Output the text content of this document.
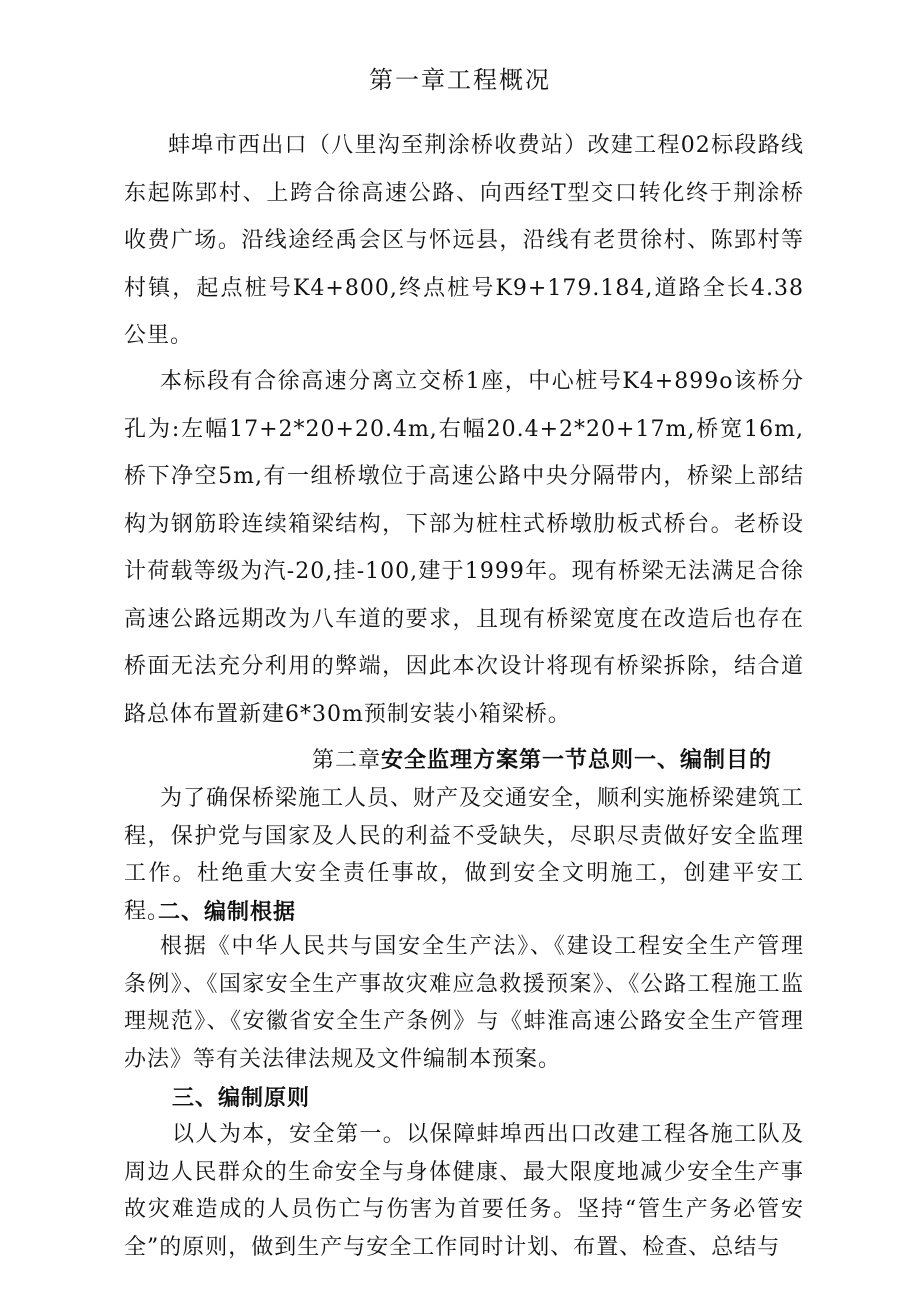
第一章工程概况

蚌埠市西出口（八里沟至荆涂桥收费站）改建工程02标段路线东起陈郢村、上跨合徐高速公路、向西经T型交口转化终于荆涂桥收费广场。沿线途经禹会区与怀远县，沿线有老贯徐村、陈郢村等村镇，起点桩号K4+800,终点桩号K9+179.184,道路全长4.38公里。

本标段有合徐高速分离立交桥1座，中心桩号K4+899o该桥分孔为:左幅17+2*20+20.4m,右幅20.4+2*20+17m,桥宽16m,桥下净空5m,有一组桥墩位于高速公路中央分隔带内，桥梁上部结构为钢筋聆连续箱梁结构，下部为桩柱式桥墩肋板式桥台。老桥设计荷载等级为汽-20,挂-100,建于1999年。现有桥梁无法满足合徐高速公路远期改为八车道的要求，且现有桥梁宽度在改造后也存在桥面无法充分利用的弊端，因此本次设计将现有桥梁拆除，结合道路总体布置新建6*30m预制安装小箱梁桥。

第二章安全监理方案第一节总则一、编制目的

为了确保桥梁施工人员、财产及交通安全，顺利实施桥梁建筑工程，保护党与国家及人民的利益不受缺失，尽职尽责做好安全监理工作。杜绝重大安全责任事故，做到安全文明施工，创建平安工程。

二、编制根据

根据《中华人民共与国安全生产法》、《建设工程安全生产管理条例》、《国家安全生产事故灾难应急救援预案》、《公路工程施工监理规范》、《安徽省安全生产条例》与《蚌淮高速公路安全生产管理办法》等有关法律法规及文件编制本预案。

三、编制原则

以人为本，安全第一。以保障蚌埠西出口改建工程各施工队及周边人民群众的生命安全与身体健康、最大限度地减少安全生产事故灾难造成的人员伤亡与伤害为首要任务。坚持“管生产务必管安全”的原则，做到生产与安全工作同时计划、布置、检查、总结与
